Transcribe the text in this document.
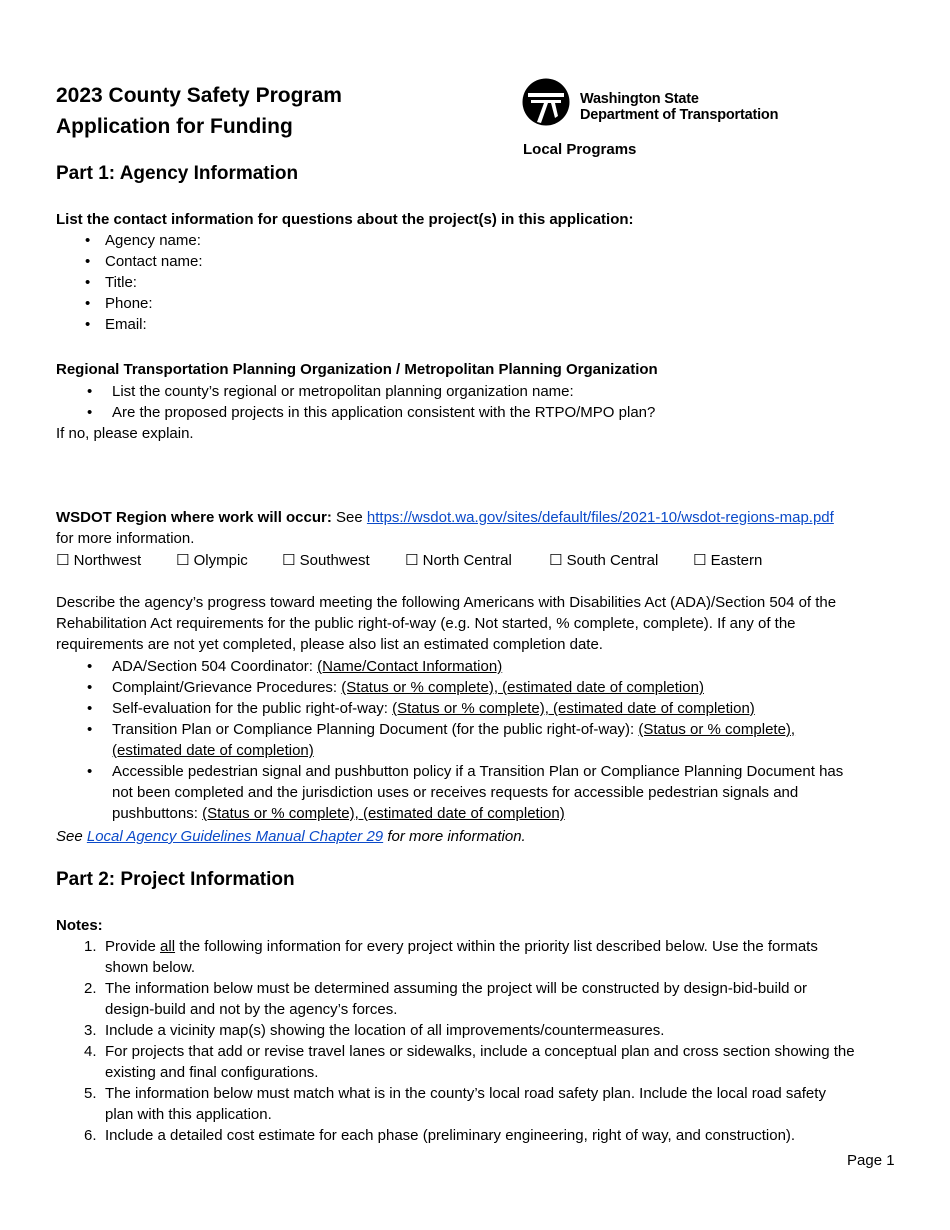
2023 County Safety Program
Application for Funding
Washington State
Department of Transportation
Local Programs
Part 1: Agency Information
List the contact information for questions about the project(s) in this application:
• Agency name:
• Contact name:
• Title:
• Phone:
• Email:
Regional Transportation Planning Organization / Metropolitan Planning Organization
• List the county’s regional or metropolitan planning organization name:
• Are the proposed projects in this application consistent with the RTPO/MPO plan?
If no, please explain.
WSDOT Region where work will occur: See https://wsdot.wa.gov/sites/default/files/2021-10/wsdot-regions-map.pdf
for more information.
☐ Northwest ☐ Olympic ☐ Southwest ☐ North Central ☐ South Central ☐ Eastern
Describe the agency’s progress toward meeting the following Americans with Disabilities Act (ADA)/Section 504 of the
Rehabilitation Act requirements for the public right-of-way (e.g. Not started, % complete, complete). If any of the
requirements are not yet completed, please also list an estimated completion date.
• ADA/Section 504 Coordinator: (Name/Contact Information)
• Complaint/Grievance Procedures: (Status or % complete), (estimated date of completion)
• Self-evaluation for the public right-of-way: (Status or % complete), (estimated date of completion)
• Transition Plan or Compliance Planning Document (for the public right-of-way): (Status or % complete),
(estimated date of completion)
• Accessible pedestrian signal and pushbutton policy if a Transition Plan or Compliance Planning Document has
not been completed and the jurisdiction uses or receives requests for accessible pedestrian signals and
pushbuttons: (Status or % complete), (estimated date of completion)
See Local Agency Guidelines Manual Chapter 29 for more information.
Part 2: Project Information
Notes:
1. Provide all the following information for every project within the priority list described below. Use the formats
shown below.
2. The information below must be determined assuming the project will be constructed by design-bid-build or
design-build and not by the agency’s forces.
3. Include a vicinity map(s) showing the location of all improvements/countermeasures.
4. For projects that add or revise travel lanes or sidewalks, include a conceptual plan and cross section showing the
existing and final configurations.
5. The information below must match what is in the county’s local road safety plan. Include the local road safety
plan with this application.
6. Include a detailed cost estimate for each phase (preliminary engineering, right of way, and construction).
Page 1
